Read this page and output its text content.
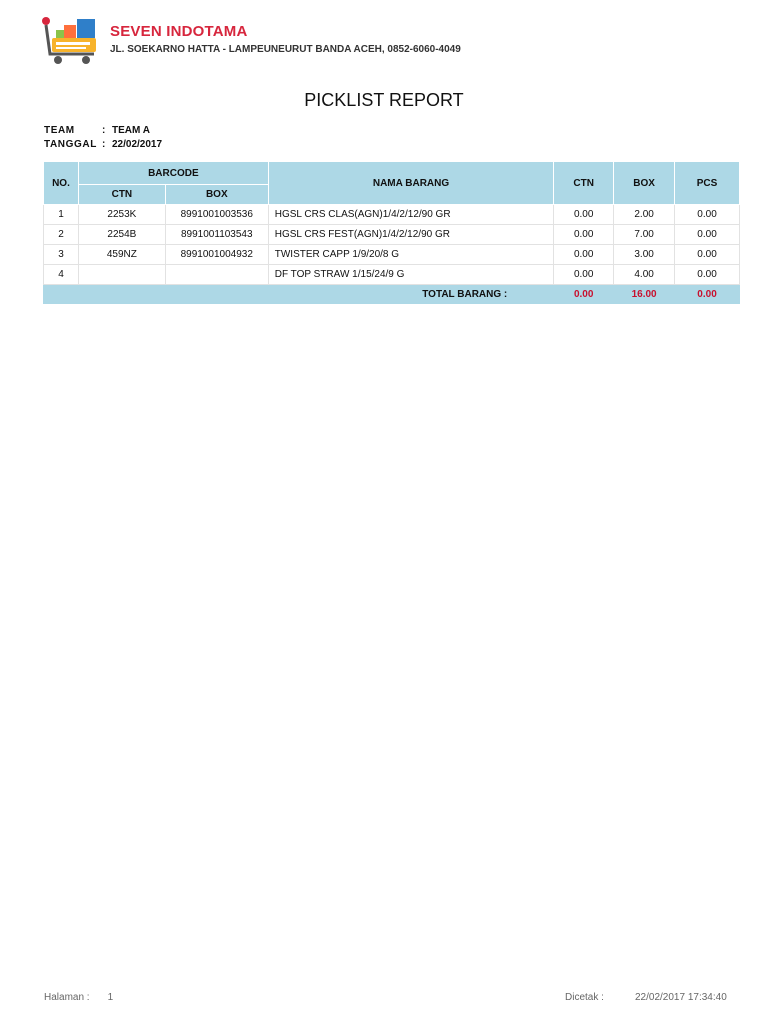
SEVEN INDOTAMA
JL. SOEKARNO HATTA - LAMPEUNEURUT BANDA ACEH, 0852-6060-4049
PICKLIST REPORT
TEAM	: TEAM A
TANGGAL : 22/02/2017
NO.	BARCODE		NAMA BARANG	CTN	BOX	PCS
	CTN	BOX				
1	2253K	8991001003536	HGSL CRS CLAS(AGN)1/4/2/12/90 GR	0.00	2.00	0.00
2	2254B	8991001103543	HGSL CRS FEST(AGN)1/4/2/12/90 GR	0.00	7.00	0.00
3	459NZ	8991001004932	TWISTER CAPP 1/9/20/8 G	0.00	3.00	0.00
4			DF TOP STRAW 1/15/24/9 G	0.00	4.00	0.00
TOTAL BARANG :				0.00	16.00	0.00
Halaman : 1	Dicetak :	22/02/2017 17:34:40
